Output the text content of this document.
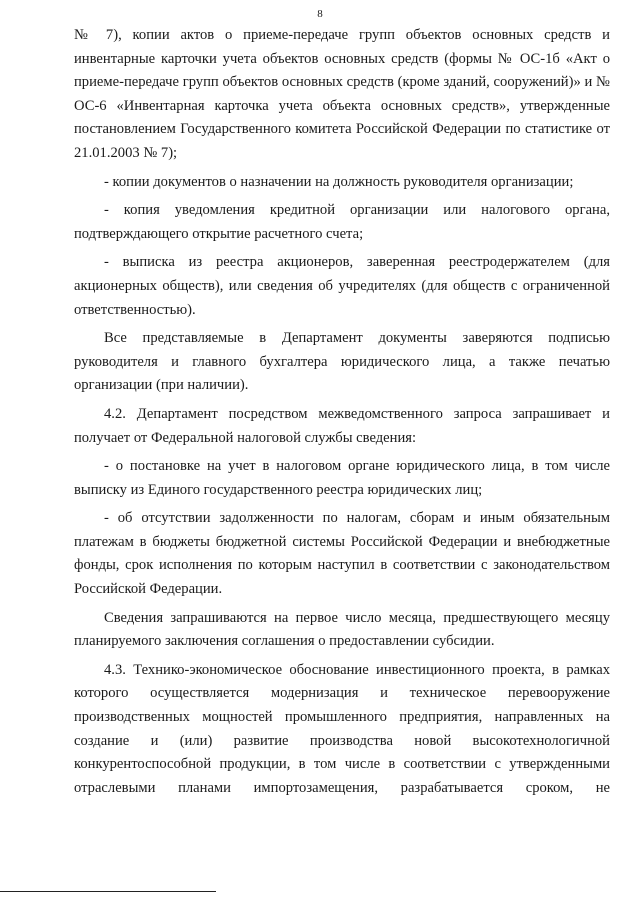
8

№ 7), копии актов о приеме-передаче групп объектов основных средств и инвентарные карточки учета объектов основных средств (формы № ОС-1б «Акт о приеме-передаче групп объектов основных средств (кроме зданий, сооружений)» и № ОС-6 «Инвентарная карточка учета объекта основных средств», утвержденные постановлением Государственного комитета Российской Федерации по статистике от 21.01.2003 № 7);

- копии документов о назначении на должность руководителя организации;

- копия уведомления кредитной организации или налогового органа, подтверждающего открытие расчетного счета;

- выписка из реестра акционеров, заверенная реестродержателем (для акционерных обществ), или сведения об учредителях (для обществ с ограниченной ответственностью).

Все представляемые в Департамент документы заверяются подписью руководителя и главного бухгалтера юридического лица, а также печатью организации (при наличии).

4.2. Департамент посредством межведомственного запроса запрашивает и получает от Федеральной налоговой службы сведения:

- о постановке на учет в налоговом органе юридического лица, в том числе выписку из Единого государственного реестра юридических лиц;

- об отсутствии задолженности по налогам, сборам и иным обязательным платежам в бюджеты бюджетной системы Российской Федерации и внебюджетные фонды, срок исполнения по которым наступил в соответствии с законодательством Российской Федерации.

Сведения запрашиваются на первое число месяца, предшествующего месяцу планируемого заключения соглашения о предоставлении субсидии.

4.3. Технико-экономическое обоснование инвестиционного проекта, в рамках которого осуществляется модернизация и техническое перевооружение производственных мощностей промышленного предприятия, направленных на создание и (или) развитие производства новой высокотехнологичной конкурентоспособной продукции, в том числе в соответствии с утвержденными отраслевыми планами импортозамещения, разрабатывается сроком, не
